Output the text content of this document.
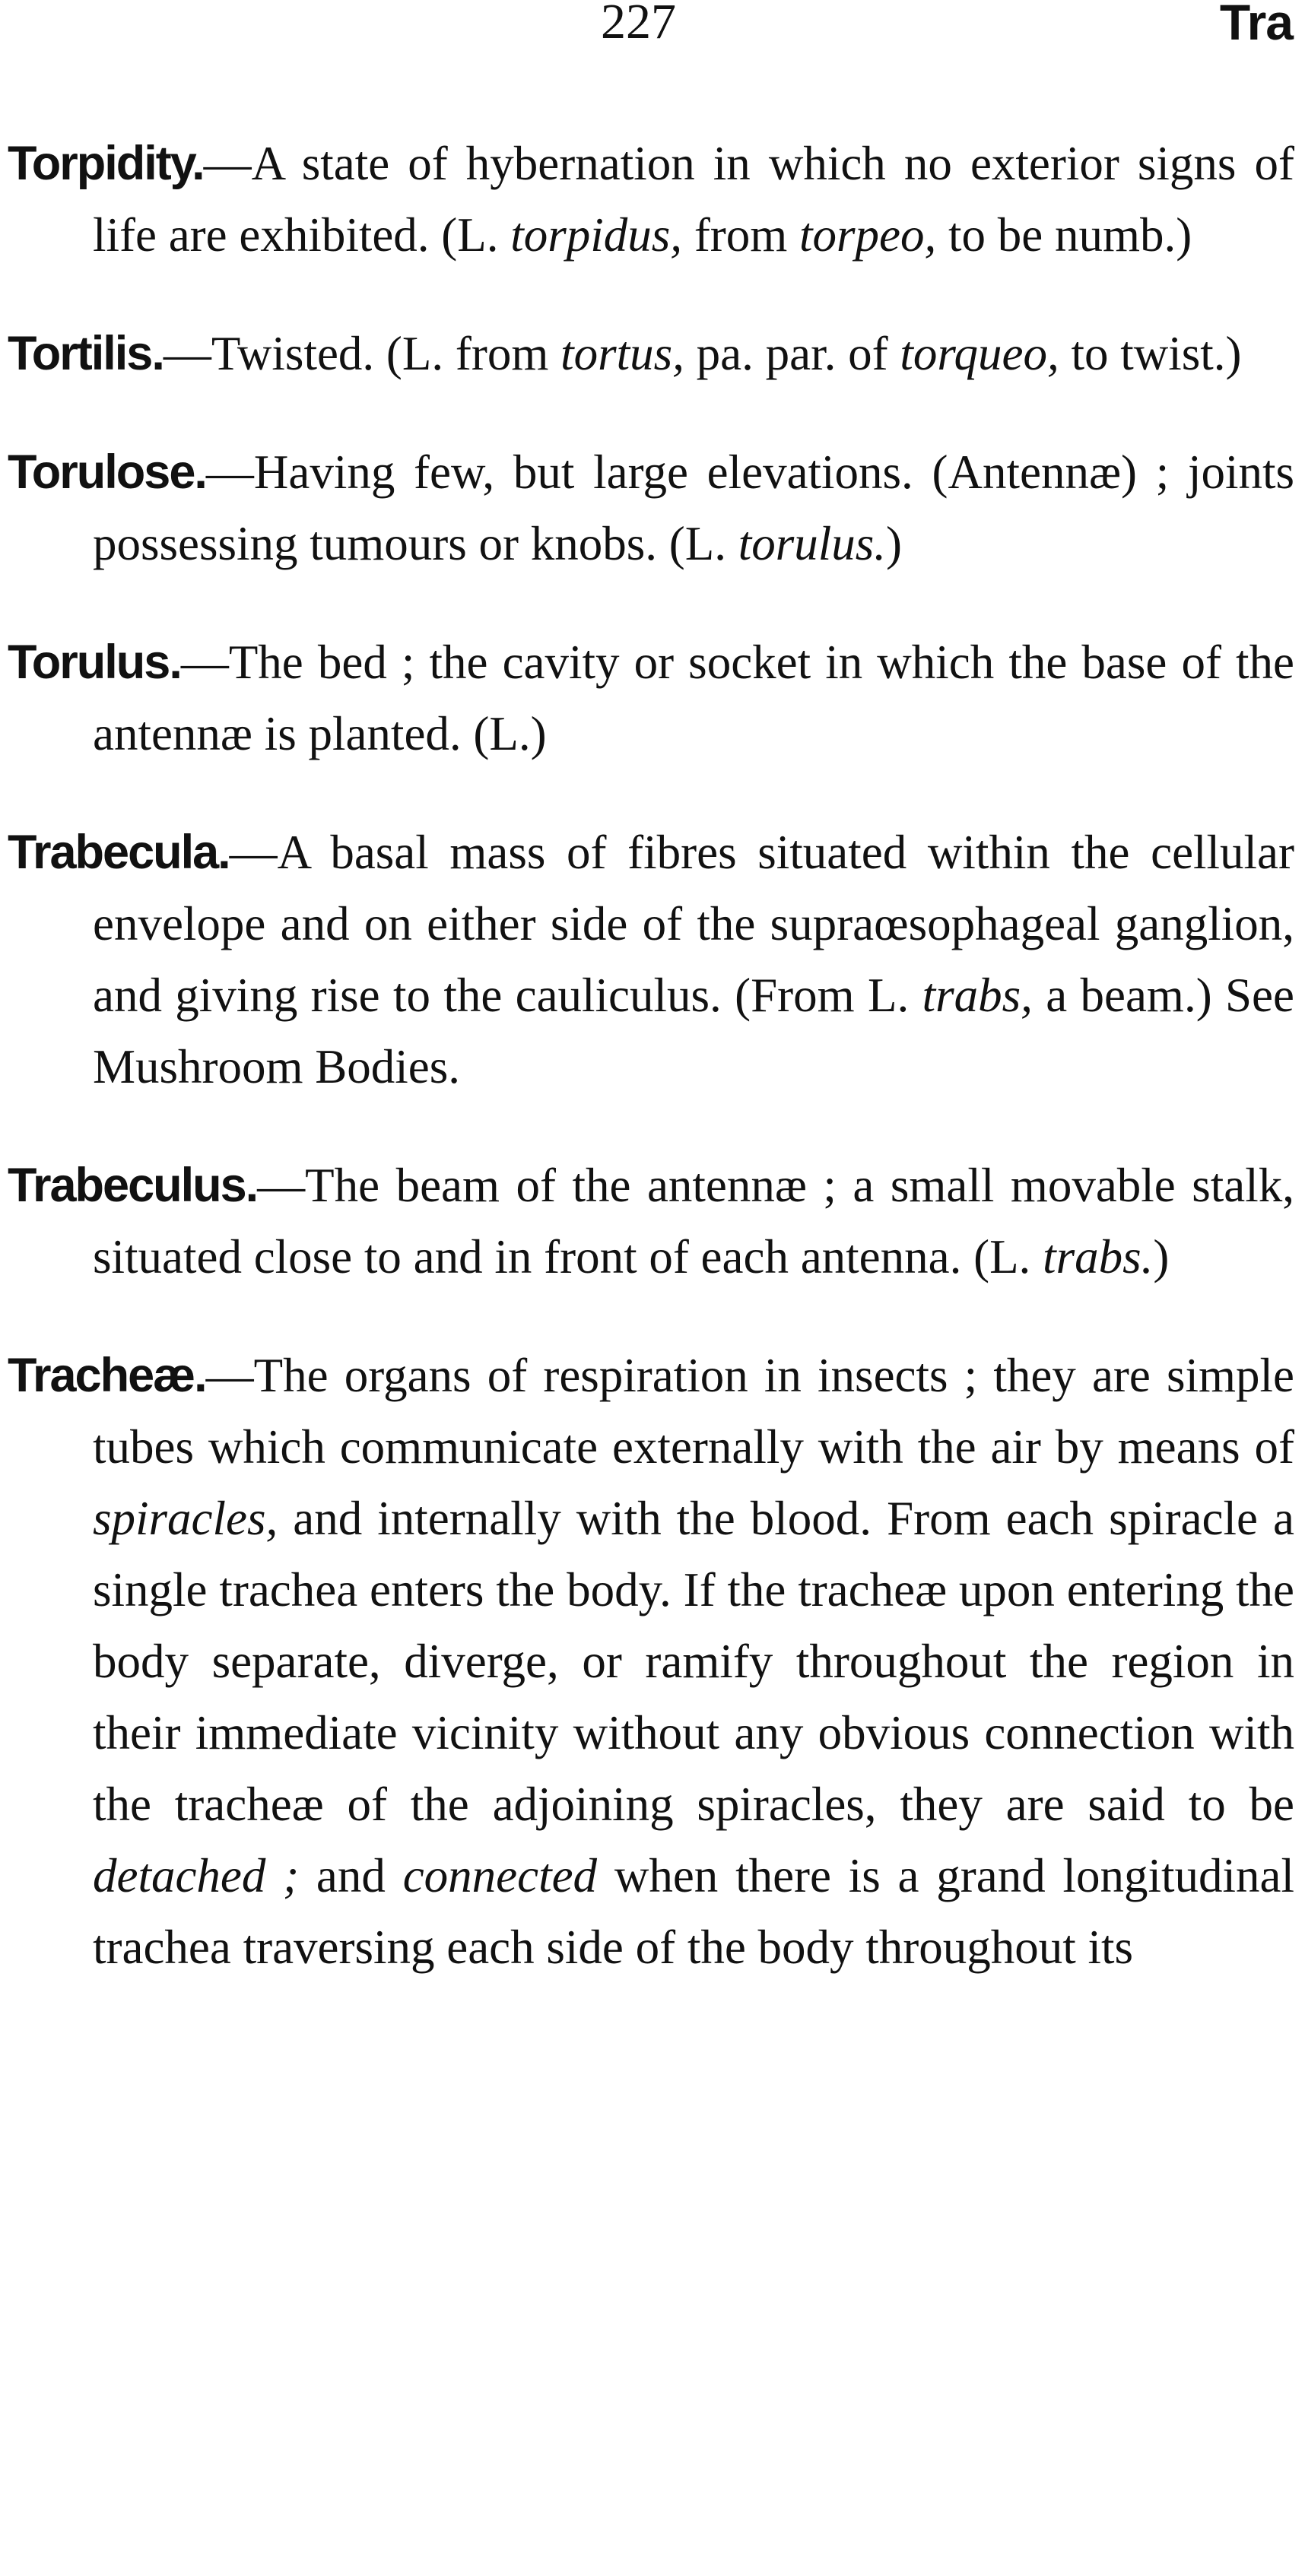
227	Tra

Torpidity.—A state of hybernation in which no exterior signs of life are exhibited. (L. torpidus, from torpeo, to be numb.)

Tortilis.—Twisted. (L. from tortus, pa. par. of torqueo, to twist.)

Torulose.—Having few, but large elevations. (Antennæ) ; joints possessing tumours or knobs. (L. torulus.)

Torulus.—The bed ; the cavity or socket in which the base of the antennæ is planted. (L.)

Trabecula.—A basal mass of fibres situated within the cellular envelope and on either side of the supraœsophageal ganglion, and giving rise to the cauliculus. (From L. trabs, a beam.) See Mushroom Bodies.

Trabeculus.—The beam of the antennæ ; a small movable stalk, situated close to and in front of each antenna. (L. trabs.)

Tracheæ.—The organs of respiration in insects ; they are simple tubes which communicate externally with the air by means of spiracles, and internally with the blood. From each spiracle a single trachea enters the body. If the tracheæ upon entering the body separate, diverge, or ramify throughout the region in their immediate vicinity without any obvious connection with the tracheæ of the adjoining spiracles, they are said to be detached ; and connected when there is a grand longitudinal trachea traversing each side of the body throughout its
